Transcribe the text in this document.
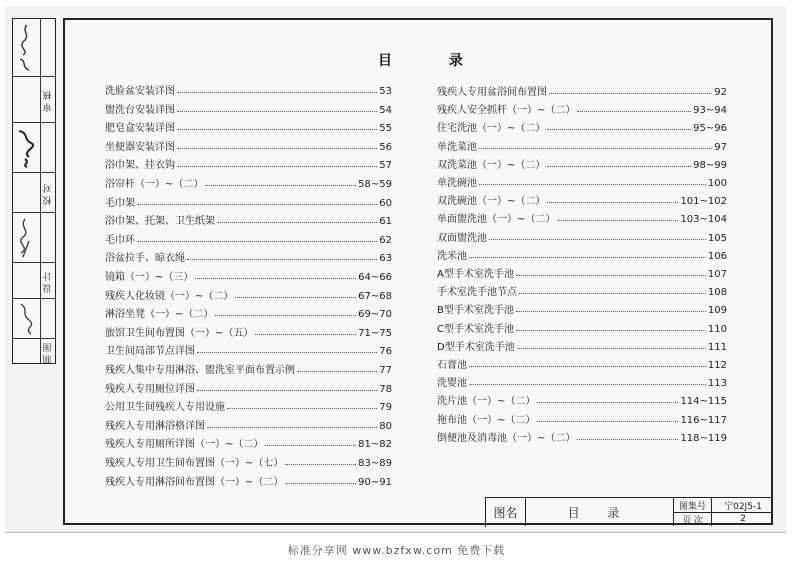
审核
校对
设计
制图
目 录
洗脸盆安装详图	53
盥洗台安装详图	54
肥皂盒安装详图	55
坐便器安装详图	56
浴巾架、挂衣钩	57
浴帘杆（一）~（二）	58~59
毛巾架	60
浴巾架、托架、卫生纸架	61
毛巾环	62
浴盆拉手、晾衣绳	63
镜箱（一）~（三）	64~66
残疾人化妆镜（一）~（二）	67~68
淋浴坐凳（一）~（二）	69~70
旅馆卫生间布置图（一）~（五）	71~75
卫生间局部节点详图	76
残疾人集中专用淋浴、盥洗室平面布置示例	77
残疾人专用厕位详图	78
公用卫生间残疾人专用设施	79
残疾人专用淋浴格详图	80
残疾人专用厕所详图（一）~（二）	81~82
残疾人专用卫生间布置图（一）~（七）	83~89
残疾人专用淋浴间布置图（一）~（二）	90~91
残疾人专用盆浴间布置图	92
残疾人安全抓杆（一）~（二）	93~94
住宅洗池（一）~（二）	95~96
单洗菜池	97
双洗菜池（一）~（二）	98~99
单洗碗池	100
双洗碗池（一）~（二）	101~102
单面盥洗池（一）~（二）	103~104
双面盥洗池	105
洗米池	106
A型手术室洗手池	107
手术室洗手池节点	108
B型手术室洗手池	109
C型手术室洗手池	110
D型手术室洗手池	111
石膏池	112
洗婴池	113
洗片池（一）~（二）	114~115
拖布池（一）~（二）	116~117
倒便池及消毒池（一）~（二）	118~119
图名	目 录	图集号	宁02J5-1
页 次	2
标准分享网 www.bzfxw.com 免费下载
